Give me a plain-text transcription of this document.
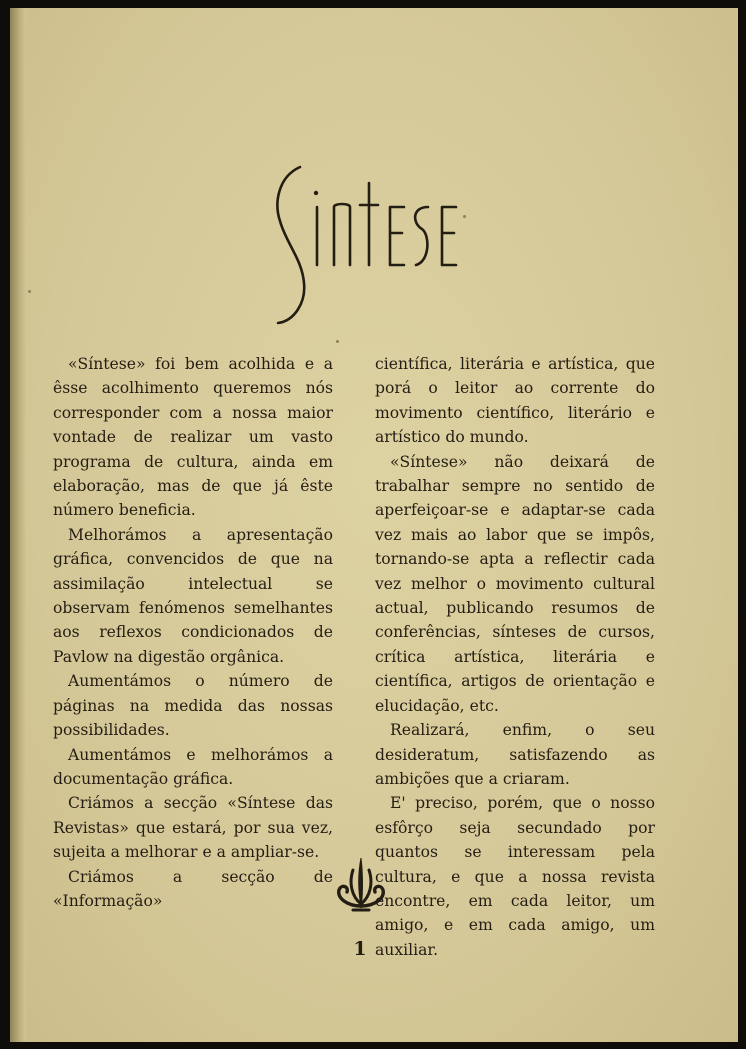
«Síntese» foi bem acolhida e a êsse acolhimento queremos nós corresponder com a nossa maior vontade de realizar um vasto programa de cultura, ainda em elaboração, mas de que já êste número beneficia.

Melhorámos a apresentação gráfica, convencidos de que na assimilação intelectual se observam fenómenos semelhantes aos reflexos condicionados de Pavlow na digestão orgânica.

Aumentámos o número de páginas na medida das nossas possibilidades.

Aumentámos e melhorámos a documentação gráfica.

Criámos a secção «Síntese das Revistas» que estará, por sua vez, sujeita a melhorar e a ampliar-se.

Criámos a secção de «Informação»

científica, literária e artística, que porá o leitor ao corrente do movimento científico, literário e artístico do mundo.

«Síntese» não deixará de trabalhar sempre no sentido de aperfeiçoar-se e adaptar-se cada vez mais ao labor que se impôs, tornando-se apta a reflectir cada vez melhor o movimento cultural actual, publicando resumos de conferências, sínteses de cursos, crítica artística, literária e científica, artigos de orientação e elucidação, etc.

Realizará, enfim, o seu desideratum, satisfazendo as ambições que a criaram.

E' preciso, porém, que o nosso esfôrço seja secundado por quantos se interessam pela cultura, e que a nossa revista encontre, em cada leitor, um amigo, e em cada amigo, um auxiliar.

1
